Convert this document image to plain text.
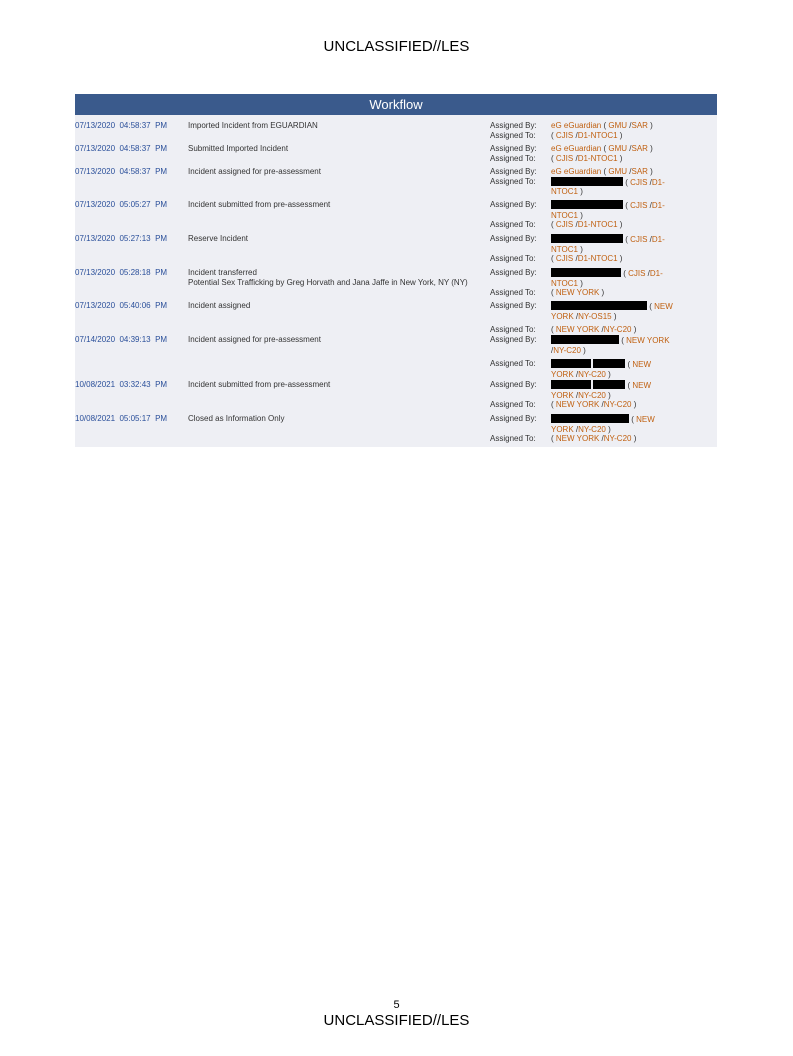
UNCLASSIFIED//LES
Workflow
07/13/2020  04:58:37  PM	Imported Incident from EGUARDIAN	Assigned By:	eG eGuardian ( GMU /SAR )
Assigned To:	( CJIS /D1-NTOC1 )
07/13/2020  04:58:37  PM	Submitted Imported Incident	Assigned By:	eG eGuardian ( GMU /SAR )
Assigned To:	( CJIS /D1-NTOC1 )
07/13/2020  04:58:37  PM	Incident assigned for pre-assessment	Assigned By:	eG eGuardian ( GMU /SAR )
Assigned To:	( CJIS /D1-
NTOC1 )
07/13/2020  05:05:27  PM	Incident submitted from pre-assessment	Assigned By:	( CJIS /D1-
NTOC1 )
Assigned To:	( CJIS /D1-NTOC1 )
07/13/2020  05:27:13  PM	Reserve Incident	Assigned By:	( CJIS /D1-
NTOC1 )
Assigned To:	( CJIS /D1-NTOC1 )
07/13/2020  05:28:18  PM	Incident transferred
Potential Sex Trafficking by Greg Horvath and Jana Jaffe in New York, NY (NY)
Assigned By:	( CJIS /D1-
NTOC1 )
Assigned To:	( NEW YORK )
07/13/2020  05:40:06  PM	Incident assigned	Assigned By:	( NEW
YORK /NY-OS15 )
Assigned To:	( NEW YORK /NY-C20 )
07/14/2020  04:39:13  PM	Incident assigned for pre-assessment	Assigned By:	( NEW YORK
/NY-C20 )
Assigned To:	( NEW
YORK /NY-C20 )
10/08/2021  03:32:43  PM	Incident submitted from pre-assessment	Assigned By:	( NEW
YORK /NY-C20 )
Assigned To:	( NEW YORK /NY-C20 )
10/08/2021  05:05:17  PM	Closed as Information Only	Assigned By:	( NEW
YORK /NY-C20 )
Assigned To:	( NEW YORK /NY-C20 )
5
UNCLASSIFIED//LES
